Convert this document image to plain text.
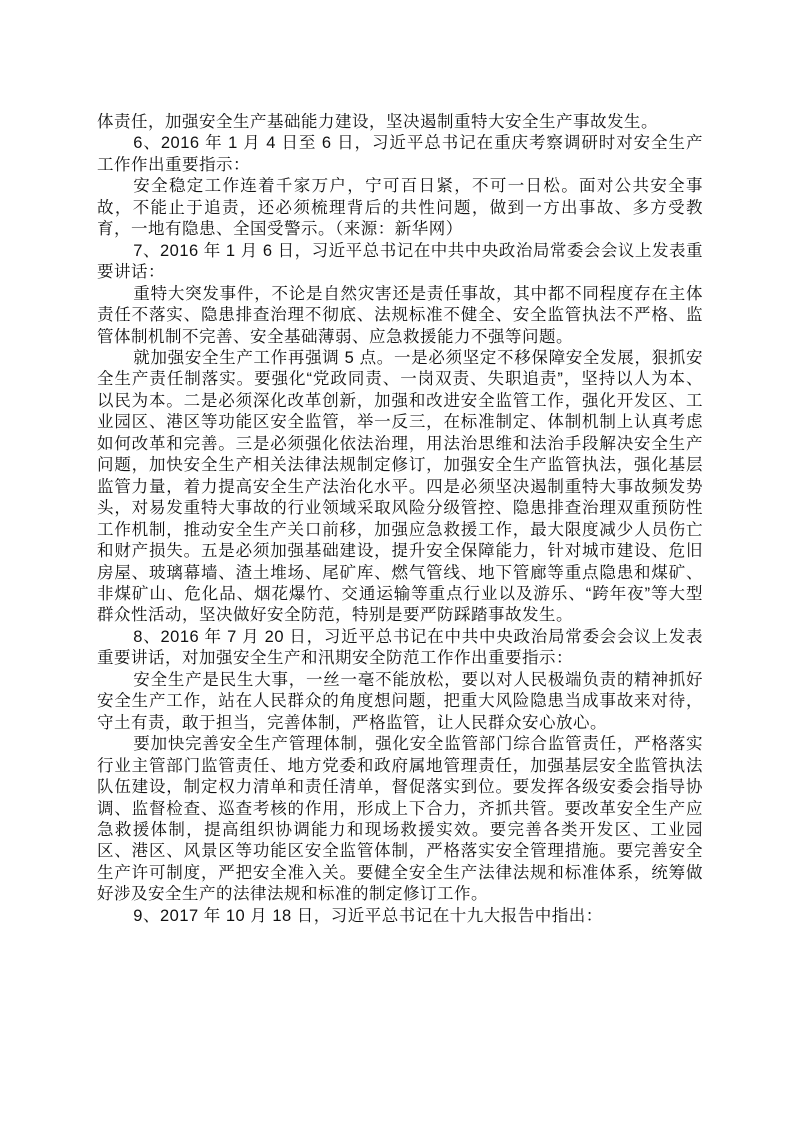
体责任，加强安全生产基础能力建设，坚决遏制重特大安全生产事故发生。

6、2016 年 1 月 4 日至 6 日，习近平总书记在重庆考察调研时对安全生产工作作出重要指示：

安全稳定工作连着千家万户，宁可百日紧，不可一日松。面对公共安全事故，不能止于追责，还必须梳理背后的共性问题，做到一方出事故、多方受教育，一地有隐患、全国受警示。（来源：新华网）

7、2016 年 1 月 6 日，习近平总书记在中共中央政治局常委会会议上发表重要讲话：

重特大突发事件，不论是自然灾害还是责任事故，其中都不同程度存在主体责任不落实、隐患排查治理不彻底、法规标准不健全、安全监管执法不严格、监管体制机制不完善、安全基础薄弱、应急救援能力不强等问题。

就加强安全生产工作再强调 5 点。一是必须坚定不移保障安全发展，狠抓安全生产责任制落实。要强化“党政同责、一岗双责、失职追责”，坚持以人为本、以民为本。二是必须深化改革创新，加强和改进安全监管工作，强化开发区、工业园区、港区等功能区安全监管，举一反三，在标准制定、体制机制上认真考虑如何改革和完善。三是必须强化依法治理，用法治思维和法治手段解决安全生产问题，加快安全生产相关法律法规制定修订，加强安全生产监管执法，强化基层监管力量，着力提高安全生产法治化水平。四是必须坚决遏制重特大事故频发势头，对易发重特大事故的行业领域采取风险分级管控、隐患排查治理双重预防性工作机制，推动安全生产关口前移，加强应急救援工作，最大限度减少人员伤亡和财产损失。五是必须加强基础建设，提升安全保障能力，针对城市建设、危旧房屋、玻璃幕墙、渣土堆场、尾矿库、燃气管线、地下管廊等重点隐患和煤矿、非煤矿山、危化品、烟花爆竹、交通运输等重点行业以及游乐、“跨年夜”等大型群众性活动，坚决做好安全防范，特别是要严防踩踏事故发生。

8、2016 年 7 月 20 日，习近平总书记在中共中央政治局常委会会议上发表重要讲话，对加强安全生产和汛期安全防范工作作出重要指示：

安全生产是民生大事，一丝一毫不能放松，要以对人民极端负责的精神抓好安全生产工作，站在人民群众的角度想问题，把重大风险隐患当成事故来对待，守土有责，敢于担当，完善体制，严格监管，让人民群众安心放心。

要加快完善安全生产管理体制，强化安全监管部门综合监管责任，严格落实行业主管部门监管责任、地方党委和政府属地管理责任，加强基层安全监管执法队伍建设，制定权力清单和责任清单，督促落实到位。要发挥各级安委会指导协调、监督检查、巡查考核的作用，形成上下合力，齐抓共管。要改革安全生产应急救援体制，提高组织协调能力和现场救援实效。要完善各类开发区、工业园区、港区、风景区等功能区安全监管体制，严格落实安全管理措施。要完善安全生产许可制度，严把安全准入关。要健全安全生产法律法规和标准体系，统筹做好涉及安全生产的法律法规和标准的制定修订工作。

9、2017 年 10 月 18 日，习近平总书记在十九大报告中指出：
